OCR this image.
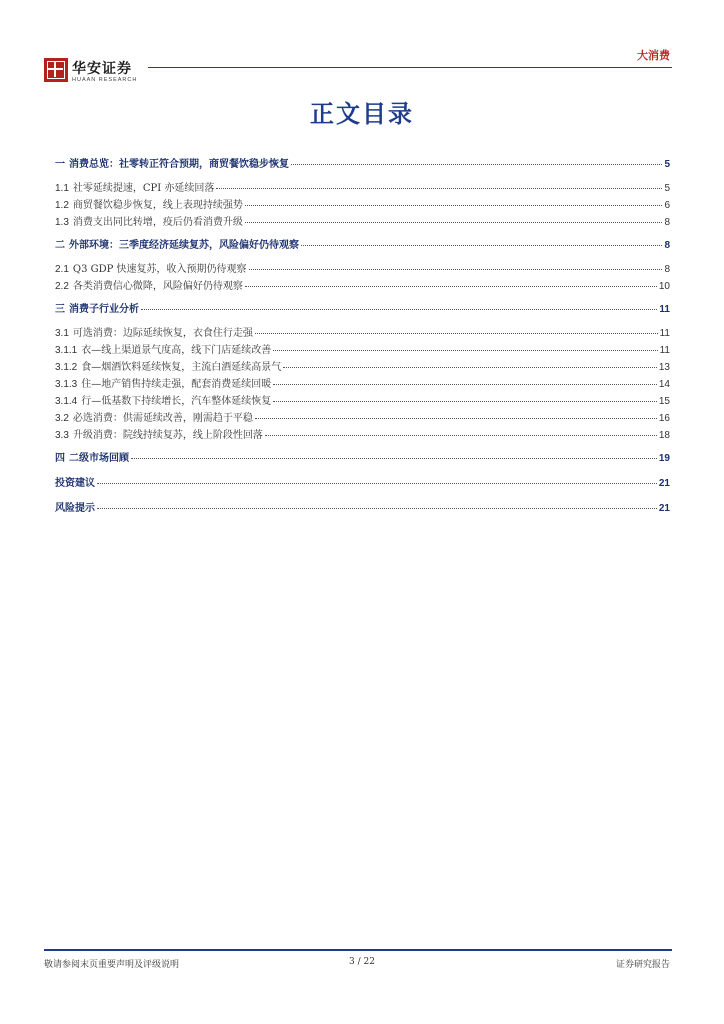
华安证券
HUAAN RESEARCH
大消费
正文目录
一 消费总览：社零转正符合预期，商贸餐饮稳步恢复	5
1.1 社零延续提速，CPI 亦延续回落	5
1.2 商贸餐饮稳步恢复，线上表现持续强势	6
1.3 消费支出同比转增，疫后仍看消费升级	8
二 外部环境：三季度经济延续复苏，风险偏好仍待观察	8
2.1 Q3 GDP 快速复苏，收入预期仍待观察	8
2.2 各类消费信心微降，风险偏好仍待观察	10
三 消费子行业分析	11
3.1 可选消费：边际延续恢复，衣食住行走强	11
3.1.1 衣—线上渠道景气度高，线下门店延续改善	11
3.1.2 食—烟酒饮料延续恢复，主流白酒延续高景气	13
3.1.3 住—地产销售持续走强，配套消费延续回暖	14
3.1.4 行—低基数下持续增长，汽车整体延续恢复	15
3.2 必选消费：供需延续改善，刚需趋于平稳	16
3.3 升级消费：院线持续复苏，线上阶段性回落	18
四 二级市场回顾	19
投资建议	21
风险提示	21
敬请参阅末页重要声明及评级说明	3 / 22	证券研究报告
